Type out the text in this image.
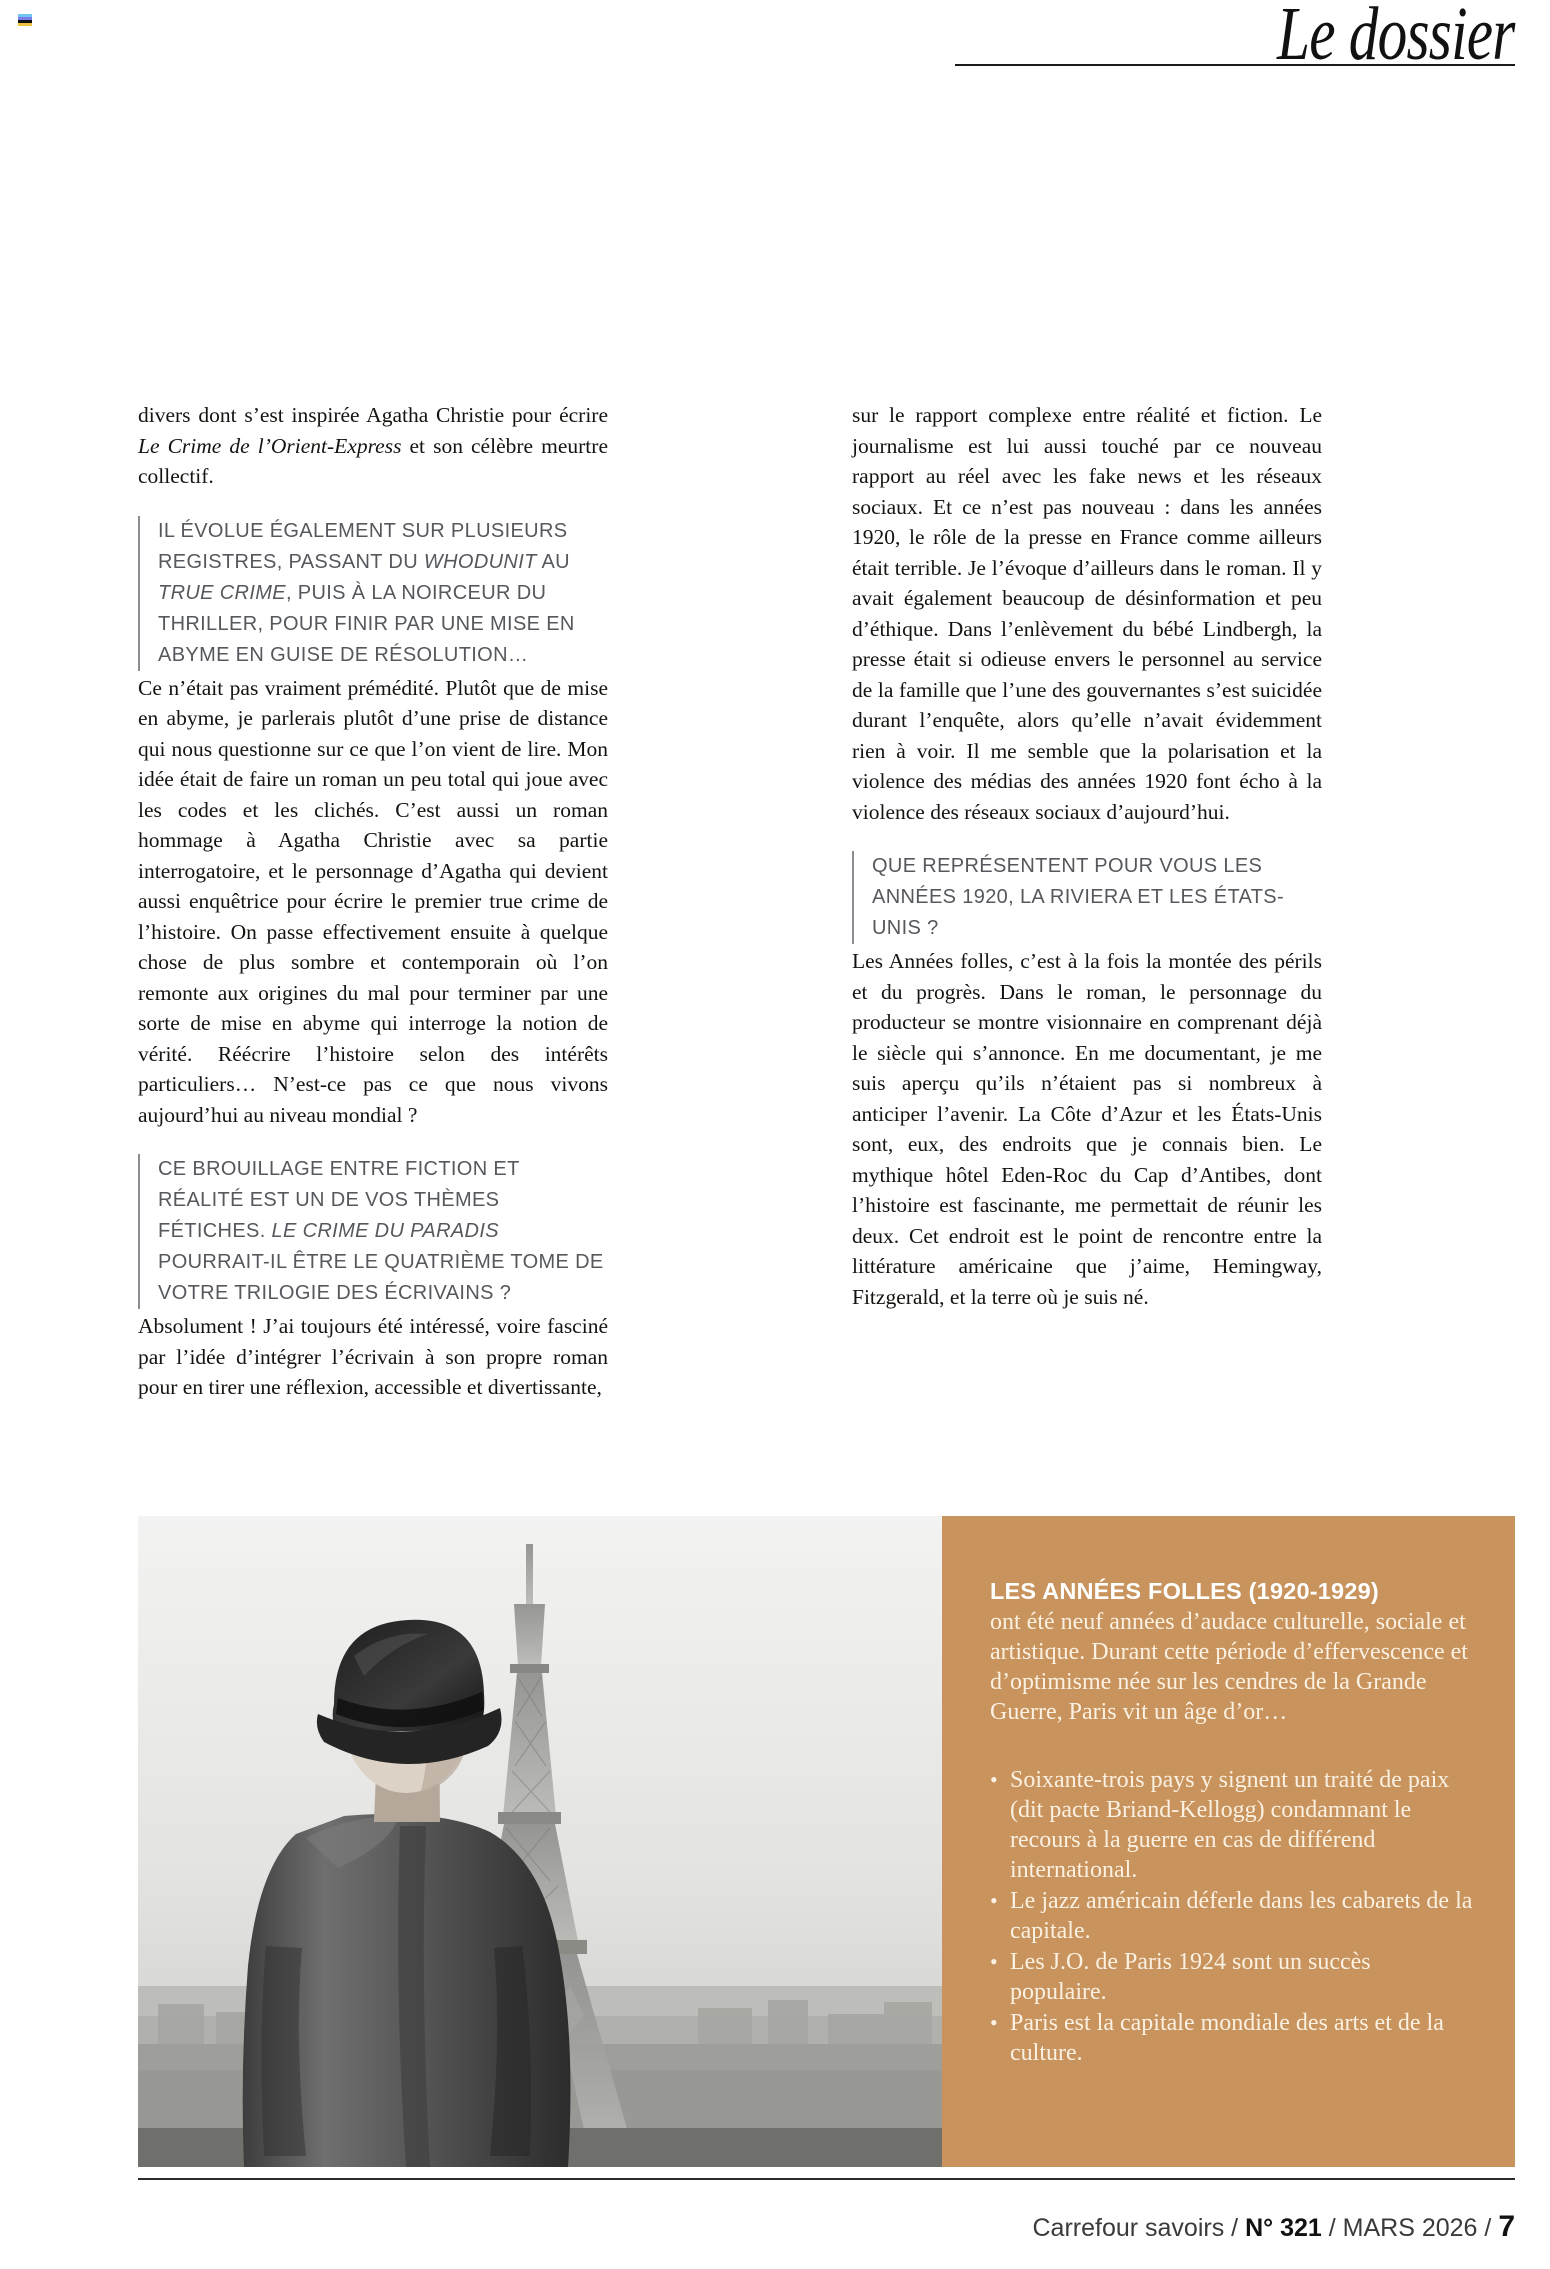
Le dossier

divers dont s’est inspirée Agatha Christie pour écrire Le Crime de l’Orient-Express et son célèbre meurtre collectif.

IL ÉVOLUE ÉGALEMENT SUR PLUSIEURS REGISTRES, PASSANT DU WHODUNIT AU TRUE CRIME, PUIS À LA NOIRCEUR DU THRILLER, POUR FINIR PAR UNE MISE EN ABYME EN GUISE DE RÉSOLUTION…

Ce n’était pas vraiment prémédité. Plutôt que de mise en abyme, je parlerais plutôt d’une prise de distance qui nous questionne sur ce que l’on vient de lire. Mon idée était de faire un roman un peu total qui joue avec les codes et les clichés. C’est aussi un roman hommage à Agatha Christie avec sa partie interrogatoire, et le personnage d’Agatha qui devient aussi enquêtrice pour écrire le premier true crime de l’histoire. On passe effectivement ensuite à quelque chose de plus sombre et contemporain où l’on remonte aux origines du mal pour terminer par une sorte de mise en abyme qui interroge la notion de vérité. Réécrire l’histoire selon des intérêts particuliers… N’est-ce pas ce que nous vivons aujourd’hui au niveau mondial ?

CE BROUILLAGE ENTRE FICTION ET RÉALITÉ EST UN DE VOS THÈMES FÉTICHES. LE CRIME DU PARADIS POURRAIT-IL ÊTRE LE QUATRIÈME TOME DE VOTRE TRILOGIE DES ÉCRIVAINS ?

Absolument ! J’ai toujours été intéressé, voire fasciné par l’idée d’intégrer l’écrivain à son propre roman pour en tirer une réflexion, accessible et divertissante,

sur le rapport complexe entre réalité et fiction. Le journalisme est lui aussi touché par ce nouveau rapport au réel avec les fake news et les réseaux sociaux. Et ce n’est pas nouveau : dans les années 1920, le rôle de la presse en France comme ailleurs était terrible. Je l’évoque d’ailleurs dans le roman. Il y avait également beaucoup de désinformation et peu d’éthique. Dans l’enlèvement du bébé Lindbergh, la presse était si odieuse envers le personnel au service de la famille que l’une des gouvernantes s’est suicidée durant l’enquête, alors qu’elle n’avait évidemment rien à voir. Il me semble que la polarisation et la violence des médias des années 1920 font écho à la violence des réseaux sociaux d’aujourd’hui.

QUE REPRÉSENTENT POUR VOUS LES ANNÉES 1920, LA RIVIERA ET LES ÉTATS-UNIS ?

Les Années folles, c’est à la fois la montée des périls et du progrès. Dans le roman, le personnage du producteur se montre visionnaire en comprenant déjà le siècle qui s’annonce. En me documentant, je me suis aperçu qu’ils n’étaient pas si nombreux à anticiper l’avenir. La Côte d’Azur et les États-Unis sont, eux, des endroits que je connais bien. Le mythique hôtel Eden-Roc du Cap d’Antibes, dont l’histoire est fascinante, me permettait de réunir les deux. Cet endroit est le point de rencontre entre la littérature américaine que j’aime, Hemingway, Fitzgerald, et la terre où je suis né.

LES ANNÉES FOLLES (1920-1929)

ont été neuf années d’audace culturelle, sociale et artistique. Durant cette période d’effervescence et d’optimisme née sur les cendres de la Grande Guerre, Paris vit un âge d’or…

• Soixante-trois pays y signent un traité de paix (dit pacte Briand-Kellogg) condamnant le recours à la guerre en cas de différend international.
• Le jazz américain déferle dans les cabarets de la capitale.
• Les J.O. de Paris 1924 sont un succès populaire.
• Paris est la capitale mondiale des arts et de la culture.
Carrefour savoirs / N° 321 / MARS 2026 / 7
